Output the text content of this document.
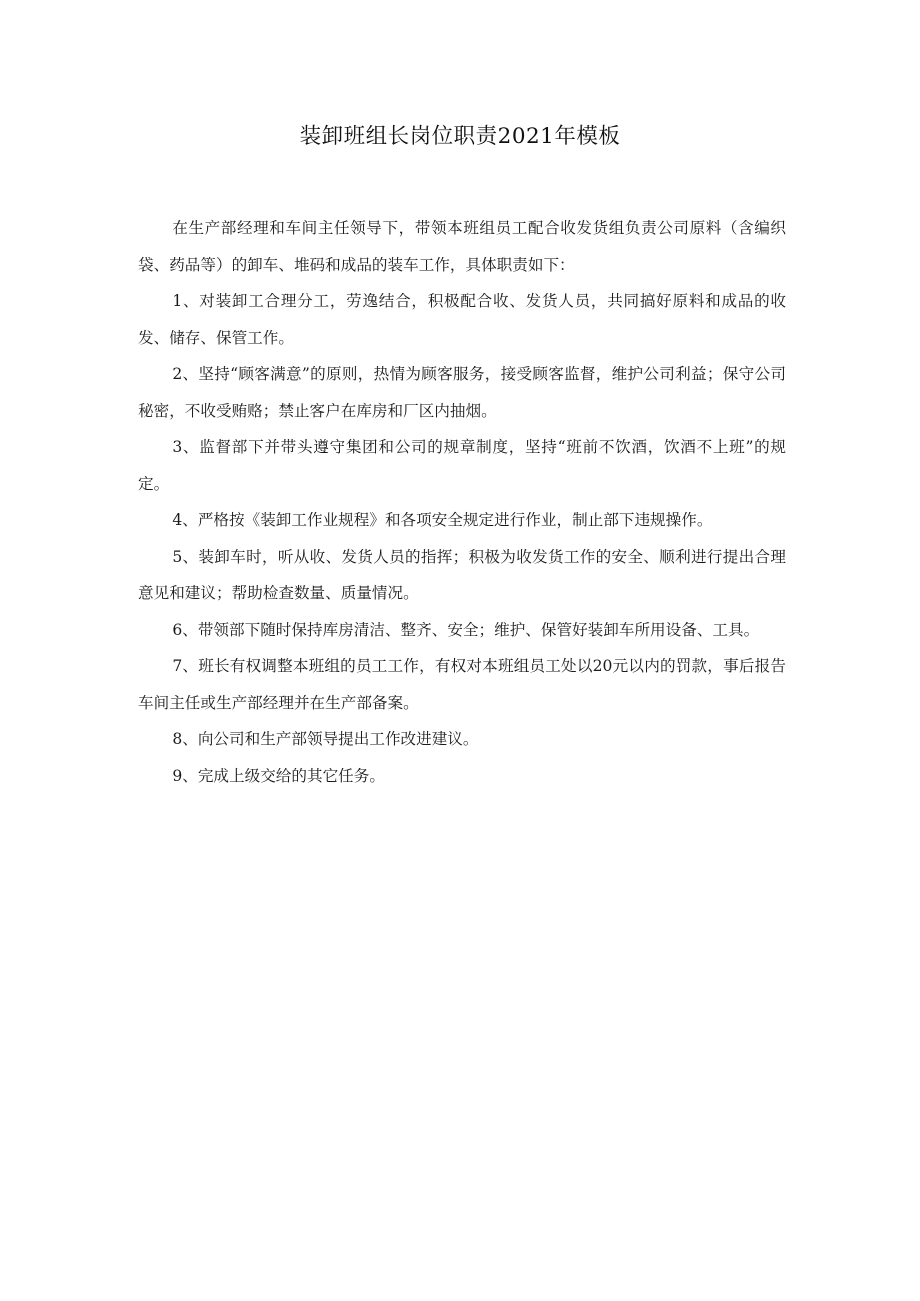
装卸班组长岗位职责2021年模板

在生产部经理和车间主任领导下，带领本班组员工配合收发货组负责公司原料（含编织袋、药品等）的卸车、堆码和成品的装车工作，具体职责如下：

1、对装卸工合理分工，劳逸结合，积极配合收、发货人员，共同搞好原料和成品的收发、储存、保管工作。

2、坚持“顾客满意”的原则，热情为顾客服务，接受顾客监督，维护公司利益；保守公司秘密，不收受贿赂；禁止客户在库房和厂区内抽烟。

3、监督部下并带头遵守集团和公司的规章制度，坚持“班前不饮酒，饮酒不上班”的规定。

4、严格按《装卸工作业规程》和各项安全规定进行作业，制止部下违规操作。

5、装卸车时，听从收、发货人员的指挥；积极为收发货工作的安全、顺利进行提出合理意见和建议；帮助检查数量、质量情况。

6、带领部下随时保持库房清洁、整齐、安全；维护、保管好装卸车所用设备、工具。

7、班长有权调整本班组的员工工作，有权对本班组员工处以20元以内的罚款，事后报告车间主任或生产部经理并在生产部备案。

8、向公司和生产部领导提出工作改进建议。

9、完成上级交给的其它任务。
